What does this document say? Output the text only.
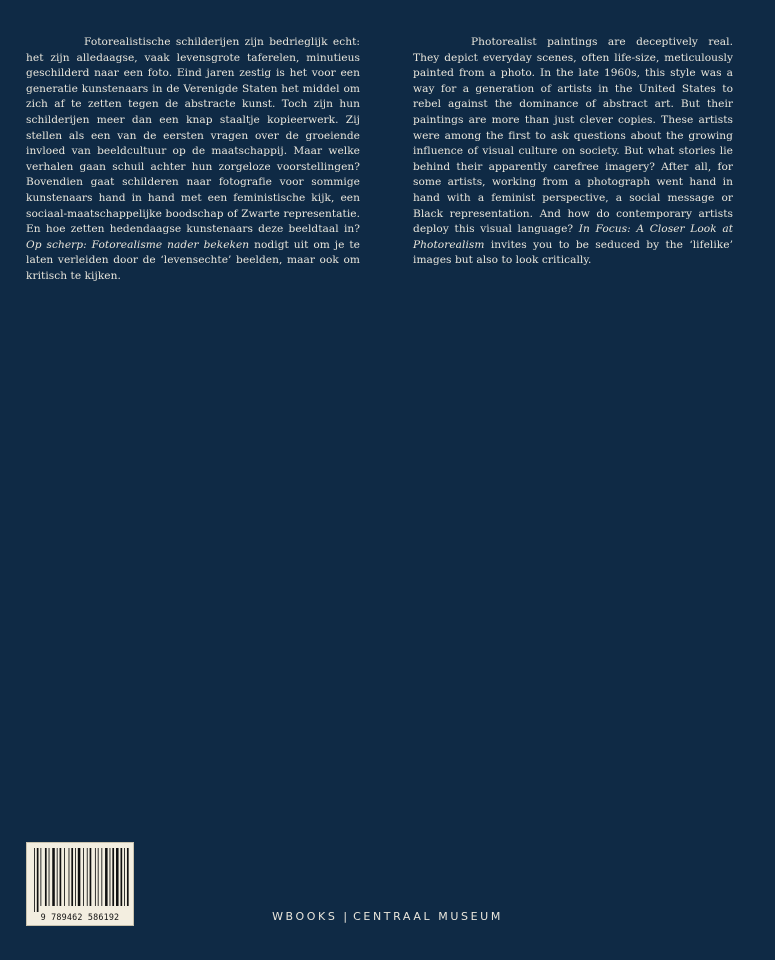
Fotorealistische schilderijen zijn bedrieglijk echt: het zijn alledaagse, vaak levensgrote taferelen, minutieus geschilderd naar een foto. Eind jaren zestig is het voor een generatie kunstenaars in de Verenigde Staten het middel om zich af te zetten tegen de abstracte kunst. Toch zijn hun schilderijen meer dan een knap staaltje kopieerwerk. Zij stellen als een van de eersten vragen over de groeiende invloed van beeldcultuur op de maatschappij. Maar welke verhalen gaan schuil achter hun zorgeloze voorstellingen? Bovendien gaat schilderen naar fotografie voor sommige kunstenaars hand in hand met een feministische kijk, een sociaal-maatschappelijke boodschap of Zwarte representatie. En hoe zetten hedendaagse kunstenaars deze beeldtaal in? Op scherp: Fotorealisme nader bekeken nodigt uit om je te laten verleiden door de ‘levensechte’ beelden, maar ook om kritisch te kijken.

Photorealist paintings are deceptively real. They depict everyday scenes, often life-size, meticulously painted from a photo. In the late 1960s, this style was a way for a generation of artists in the United States to rebel against the dominance of abstract art. But their paintings are more than just clever copies. These artists were among the first to ask questions about the growing influence of visual culture on society. But what stories lie behind their apparently carefree imagery? After all, for some artists, working from a photograph went hand in hand with a feminist perspective, a social message or Black representation. And how do contemporary artists deploy this visual language? In Focus: A Closer Look at Photorealism invites you to be seduced by the ‘lifelike’ images but also to look critically.

9 789462 586192	WBOOKS | CENTRAAL MUSEUM
